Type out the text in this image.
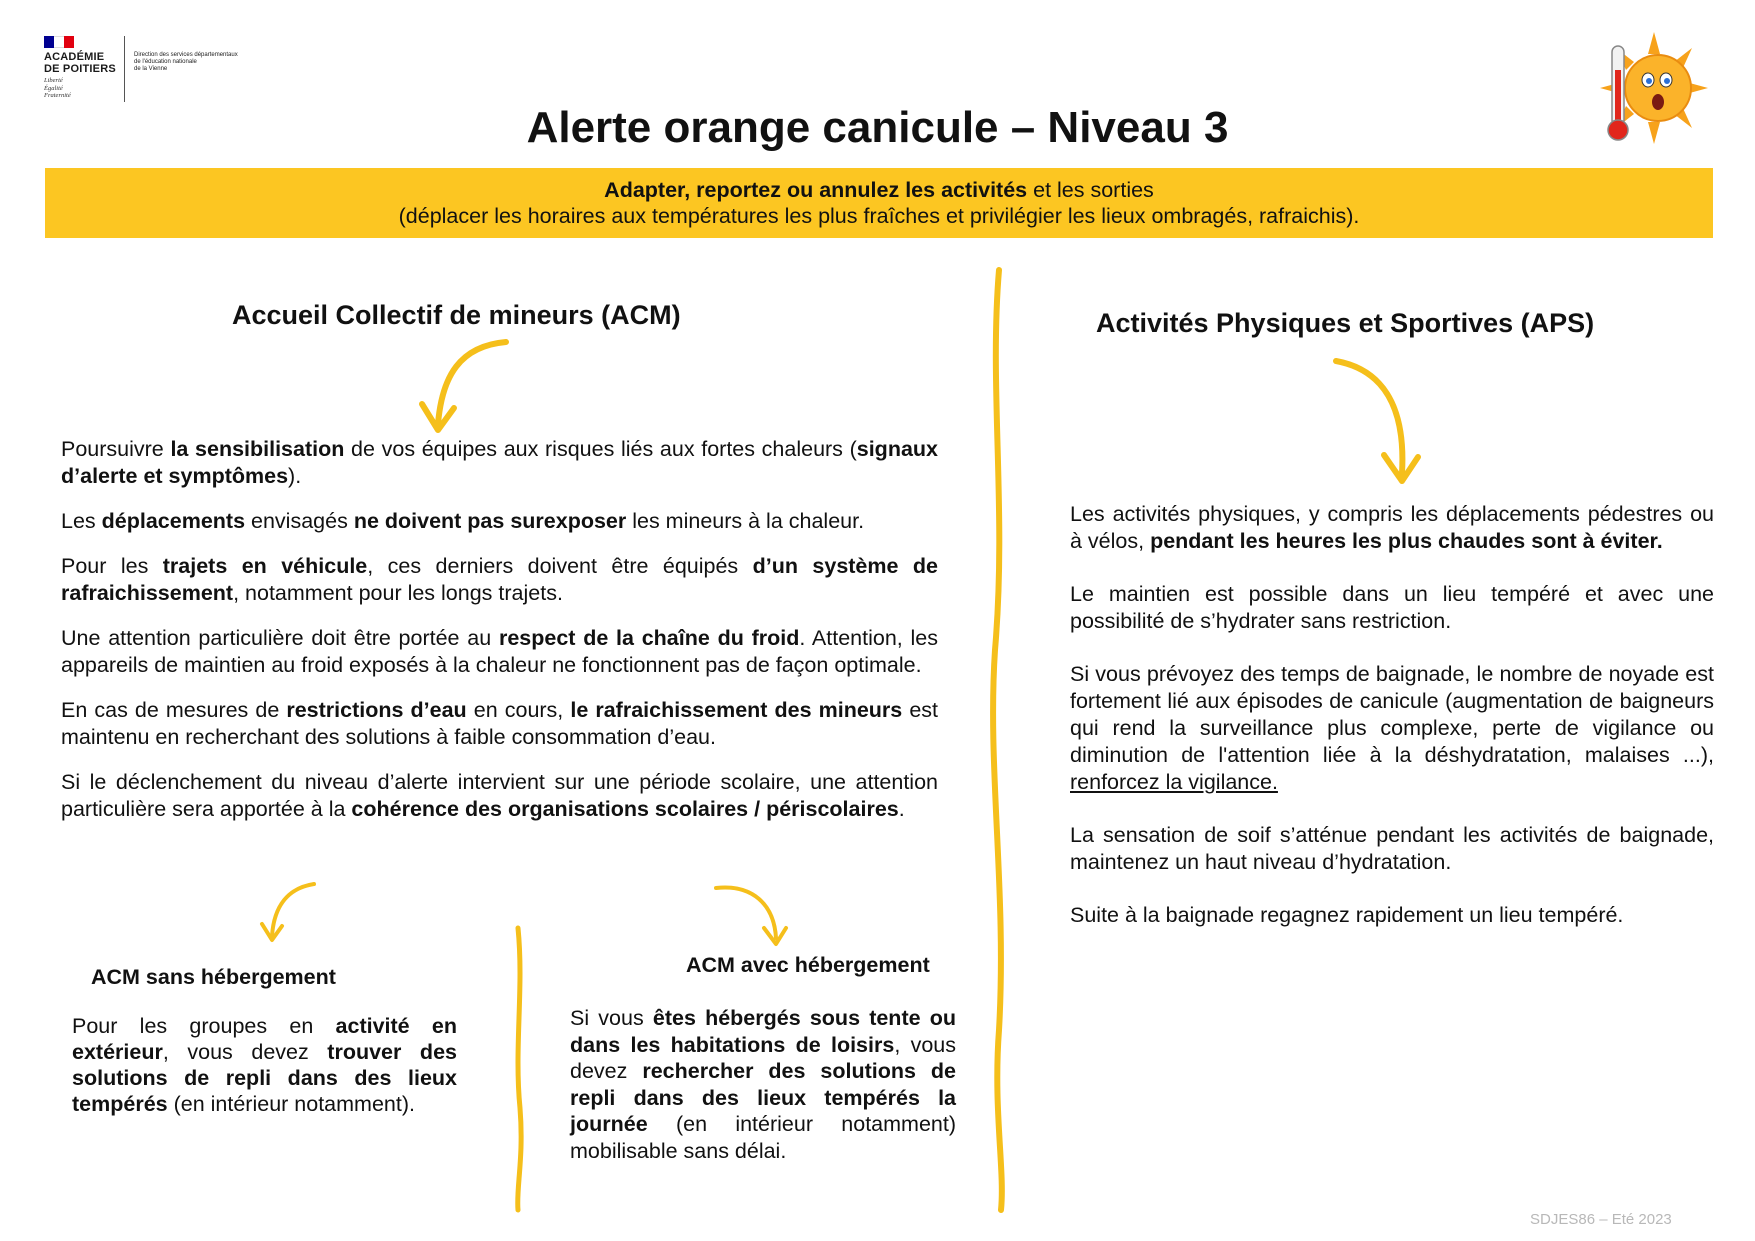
ACADÉMIE
DE POITIERS
Liberté
Égalité
Fraternité
Direction des services départementaux
de l'éducation nationale
de la Vienne
Alerte orange canicule – Niveau 3
Adapter, reportez ou annulez les activités et les sorties
(déplacer les horaires aux températures les plus fraîches et privilégier les lieux ombragés, rafraichis).
Accueil Collectif de mineurs (ACM)

Poursuivre la sensibilisation de vos équipes aux risques liés aux fortes chaleurs (signaux d’alerte et symptômes).

Les déplacements envisagés ne doivent pas surexposer les mineurs à la chaleur.

Pour les trajets en véhicule, ces derniers doivent être équipés d’un système de rafraichissement, notamment pour les longs trajets.

Une attention particulière doit être portée au respect de la chaîne du froid. Attention, les appareils de maintien au froid exposés à la chaleur ne fonctionnent pas de façon optimale.

En cas de mesures de restrictions d’eau en cours, le rafraichissement des mineurs est maintenu en recherchant des solutions à faible consommation d’eau.

Si le déclenchement du niveau d’alerte intervient sur une période scolaire, une attention particulière sera apportée à la cohérence des organisations scolaires / périscolaires.

ACM sans hébergement	ACM avec hébergement

Pour les groupes en activité en extérieur, vous devez trouver des solutions de repli dans des lieux tempérés (en intérieur notamment).

Si vous êtes hébergés sous tente ou dans les habitations de loisirs, vous devez rechercher des solutions de repli dans des lieux tempérés la journée (en intérieur notamment) mobilisable sans délai.

Activités Physiques et Sportives (APS)

Les activités physiques, y compris les déplacements pédestres ou à vélos, pendant les heures les plus chaudes sont à éviter.

Le maintien est possible dans un lieu tempéré et avec une possibilité de s’hydrater sans restriction.

Si vous prévoyez des temps de baignade, le nombre de noyade est fortement lié aux épisodes de canicule (augmentation de baigneurs qui rend la surveillance plus complexe, perte de vigilance ou diminution de l'attention liée à la déshydratation, malaises ...), renforcez la vigilance.

La sensation de soif s’atténue pendant les activités de baignade, maintenez un haut niveau d’hydratation.

Suite à la baignade regagnez rapidement un lieu tempéré.

SDJES86 – Eté 2023
